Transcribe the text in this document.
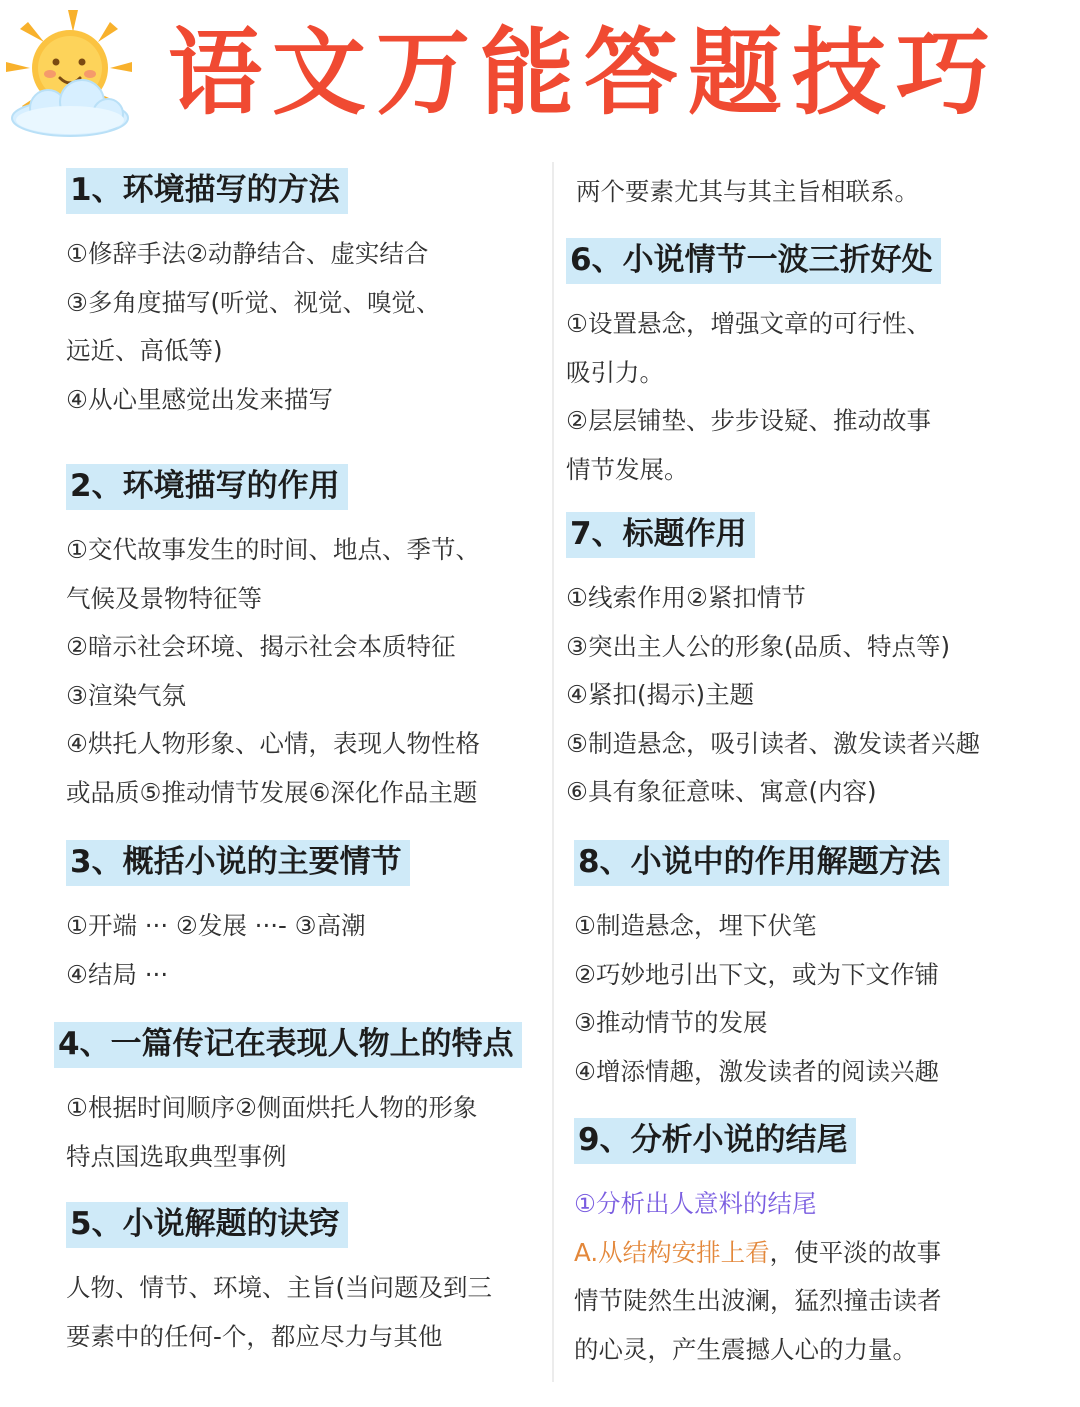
语文万能答题技巧
1、环境描写的方法
①修辞手法②动静结合、虚实结合
③多角度描写(听觉、视觉、嗅觉、
远近、高低等)
④从心里感觉出发来描写
2、环境描写的作用
①交代故事发生的时间、地点、季节、
气候及景物特征等
②暗示社会环境、揭示社会本质特征
③渲染气氛
④烘托人物形象、心情，表现人物性格
或品质⑤推动情节发展⑥深化作品主题
3、概括小说的主要情节
①开端 ··· ②发展 ···- ③高潮
④结局 ···
4、一篇传记在表现人物上的特点
①根据时间顺序②侧面烘托人物的形象
特点国选取典型事例
5、小说解题的诀窍
人物、情节、环境、主旨(当问题及到三
要素中的任何-个，都应尽力与其他
两个要素尤其与其主旨相联系。
6、小说情节一波三折好处
①设置悬念，增强文章的可行性、
吸引力。
②层层铺垫、步步设疑、推动故事
情节发展。
7、标题作用
①线索作用②紧扣情节
③突出主人公的形象(品质、特点等)
④紧扣(揭示)主题
⑤制造悬念，吸引读者、激发读者兴趣
⑥具有象征意味、寓意(内容)
8、小说中的作用解题方法
①制造悬念，埋下伏笔
②巧妙地引出下文，或为下文作铺
③推动情节的发展
④增添情趣，激发读者的阅读兴趣
9、分析小说的结尾
①分析出人意料的结尾
A.从结构安排上看，使平淡的故事
情节陡然生出波澜，猛烈撞击读者
的心灵，产生震撼人心的力量。
